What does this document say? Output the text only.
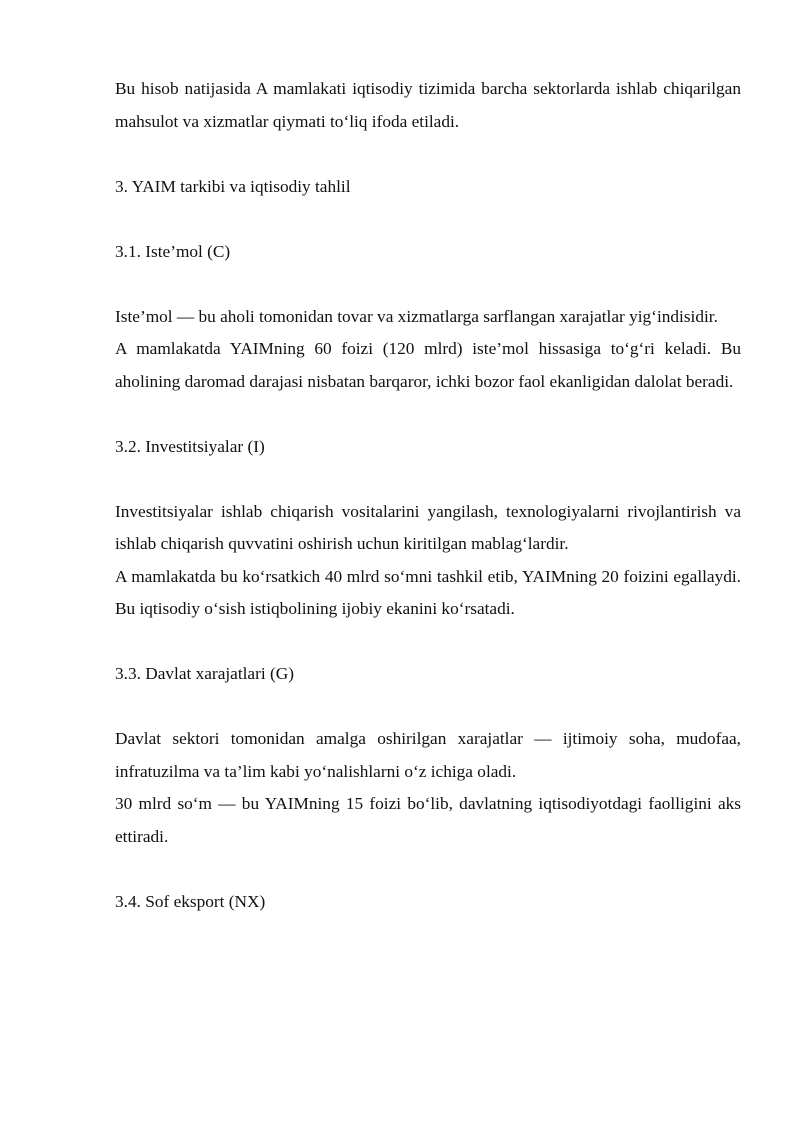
Bu hisob natijasida A mamlakati iqtisodiy tizimida barcha sektorlarda ishlab chiqarilgan mahsulot va xizmatlar qiymati to‘liq ifoda etiladi.

3. YAIM tarkibi va iqtisodiy tahlil

3.1. Iste’mol (C)

Iste’mol — bu aholi tomonidan tovar va xizmatlarga sarflangan xarajatlar yig‘indisidir.

A mamlakatda YAIMning 60 foizi (120 mlrd) iste’mol hissasiga to‘g‘ri keladi. Bu aholining daromad darajasi nisbatan barqaror, ichki bozor faol ekanligidan dalolat beradi.

3.2. Investitsiyalar (I)

Investitsiyalar ishlab chiqarish vositalarini yangilash, texnologiyalarni rivojlantirish va ishlab chiqarish quvvatini oshirish uchun kiritilgan mablag‘lardir.

A mamlakatda bu ko‘rsatkich 40 mlrd so‘mni tashkil etib, YAIMning 20 foizini egallaydi. Bu iqtisodiy o‘sish istiqbolining ijobiy ekanini ko‘rsatadi.

3.3. Davlat xarajatlari (G)

Davlat sektori tomonidan amalga oshirilgan xarajatlar — ijtimoiy soha, mudofaa, infratuzilma va ta’lim kabi yo‘nalishlarni o‘z ichiga oladi.

30 mlrd so‘m — bu YAIMning 15 foizi bo‘lib, davlatning iqtisodiyotdagi faolligini aks ettiradi.

3.4. Sof eksport (NX)
